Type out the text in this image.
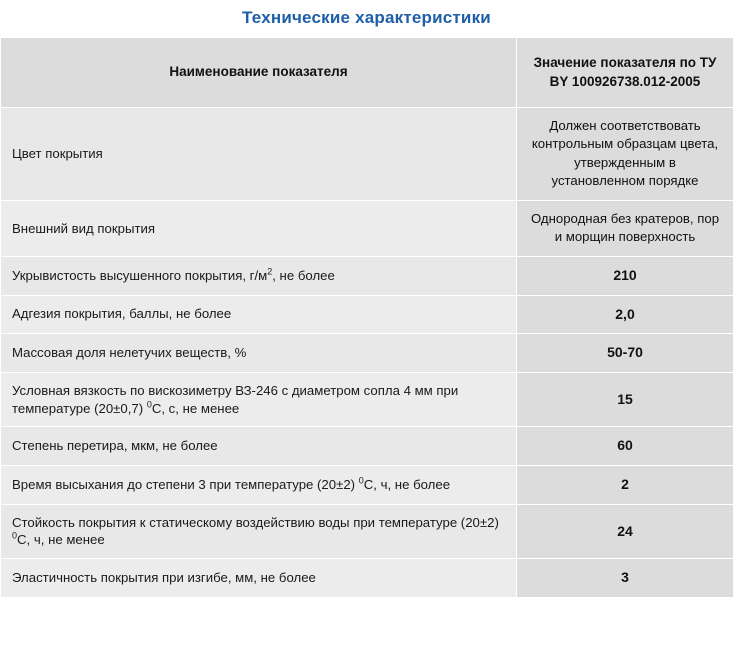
Технические характеристики
Наименование показателя	Значение показателя по ТУ BY 100926738.012-2005
Цвет покрытия	Должен соответствовать контрольным образцам цвета, утвержденным в установленном порядке
Внешний вид покрытия	Однородная без кратеров, пор и морщин поверхность
Укрывистость высушенного покрытия, $г/м^2$, не более	210
Адгезия покрытия, баллы, не более	2,0
Массовая доля нелетучих веществ, %	50-70
Условная вязкость по вискозиметру ВЗ-246 с диаметром сопла 4 мм при температуре (20±0,7) $^0$С, с, не менее	15
Степень перетира, мкм, не более	60
Время высыхания до степени 3 при температуре (20±2) $^0$С, ч, не более	2
Стойкость покрытия к статическому воздействию воды при температуре (20±2) $^0$С, ч, не менее	24
Эластичность покрытия при изгибе, мм, не более	3
